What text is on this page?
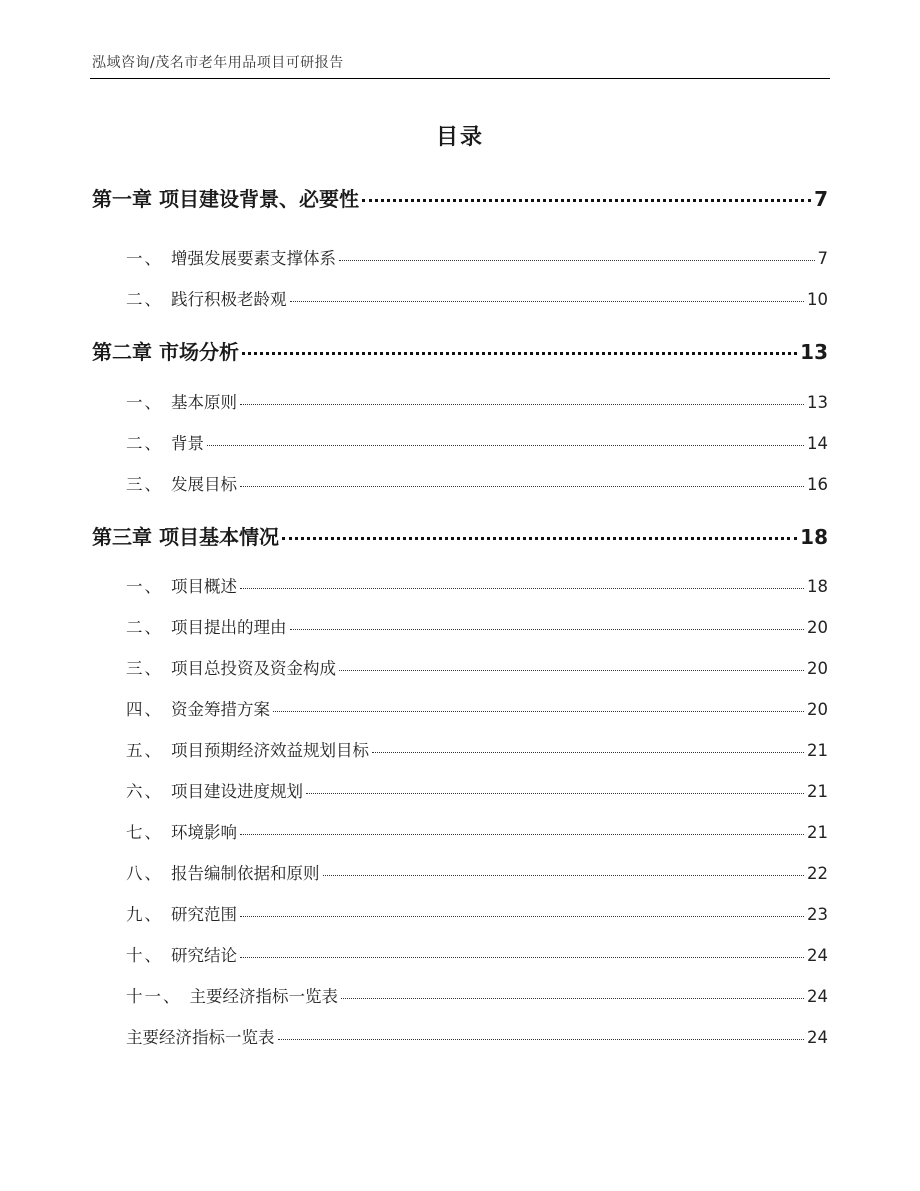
泓域咨询/茂名市老年用品项目可研报告
目录
第一章 项目建设背景、必要性	7
一、 增强发展要素支撑体系	7
二、 践行积极老龄观	10
第二章 市场分析	13
一、 基本原则	13
二、 背景	14
三、 发展目标	16
第三章 项目基本情况	18
一、 项目概述	18
二、 项目提出的理由	20
三、 项目总投资及资金构成	20
四、 资金筹措方案	20
五、 项目预期经济效益规划目标	21
六、 项目建设进度规划	21
七、 环境影响	21
八、 报告编制依据和原则	22
九、 研究范围	23
十、 研究结论	24
十一、 主要经济指标一览表	24
主要经济指标一览表	24
